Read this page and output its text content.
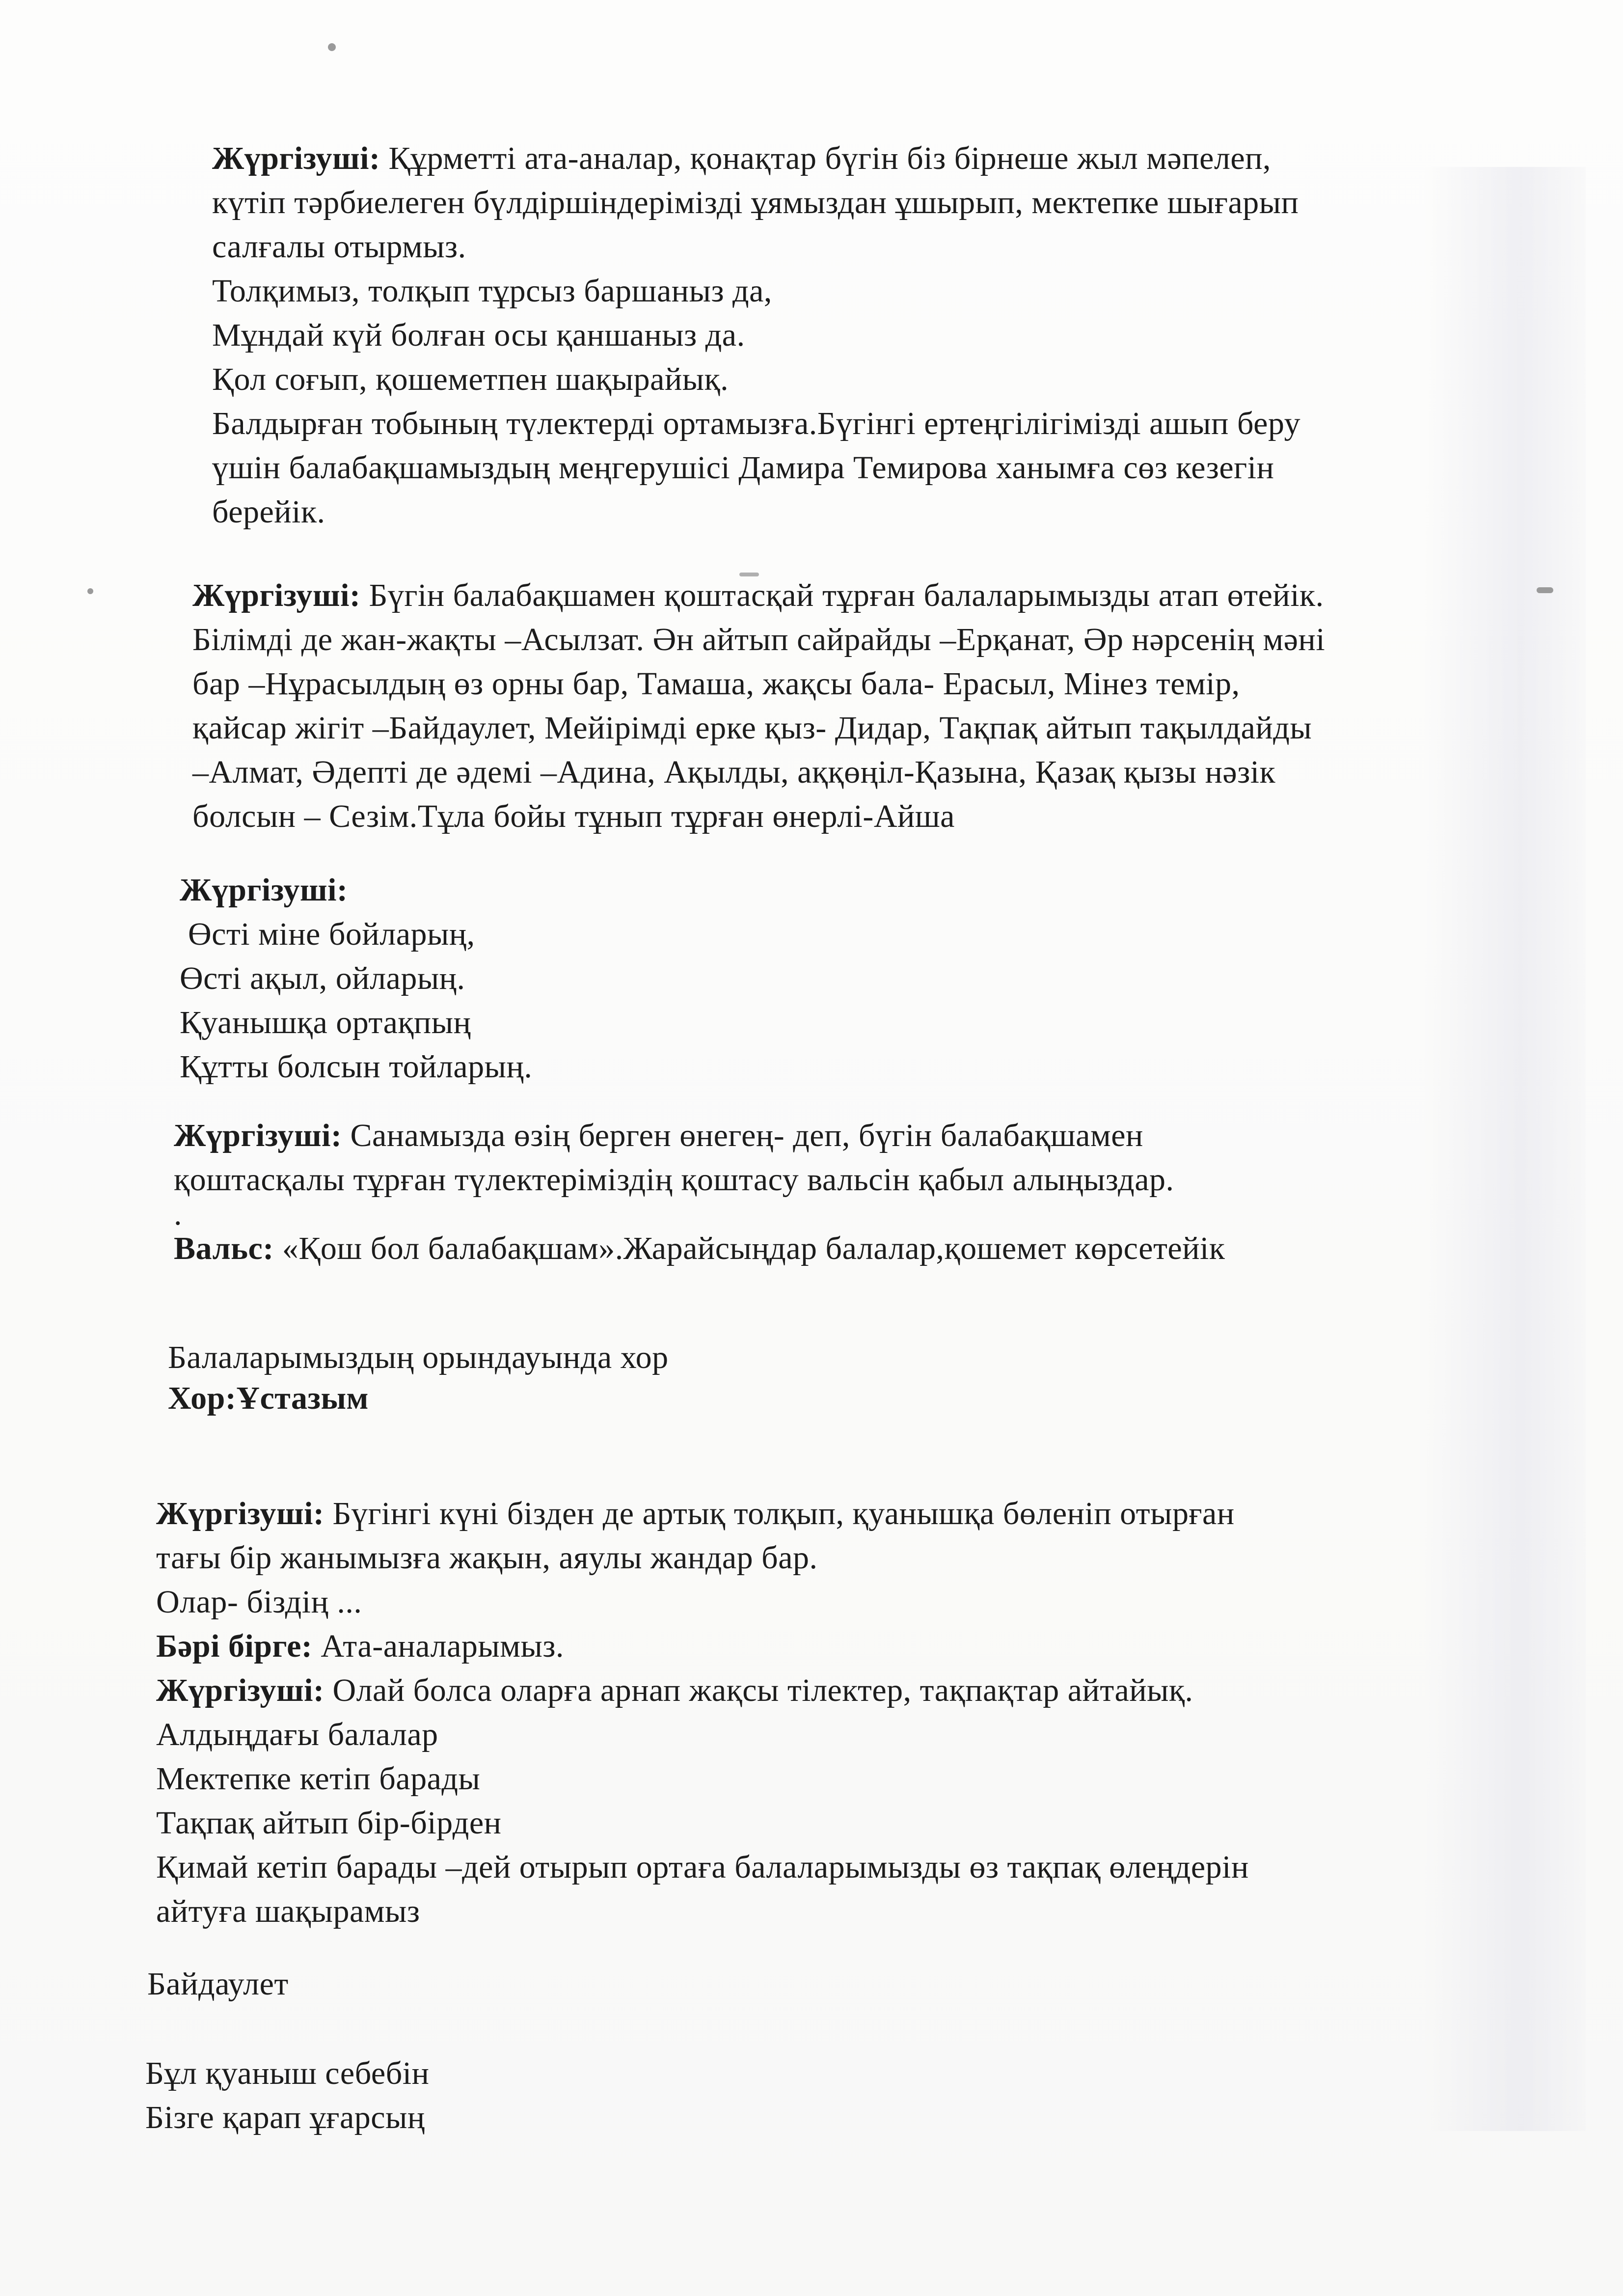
Жүргізуші: Құрметті ата-аналар, қонақтар бүгін біз бірнеше жыл мәпелеп,

күтіп тәрбиелеген бүлдіршіндерімізді ұямыздан ұшырып, мектепке шығарып

салғалы отырмыз.

Толқимыз, толқып тұрсыз баршаныз да,

Мұндай күй болған осы қаншаныз да.

Қол соғып, қошеметпен шақырайық.

Балдырған тобының түлектерді ортамызға.Бүгінгі ертеңгілігімізді ашып беру

үшін балабақшамыздың меңгерушісі Дамира Темирова ханымға сөз кезегін

берейік.

Жүргізуші: Бүгін балабақшамен қоштасқай тұрған балаларымызды атап өтейік.

Білімді де жан-жақты –Асылзат. Ән айтып сайрайды –Ерқанат, Әр нәрсенің мәні

бар –Нұрасылдың өз орны бар, Тамаша, жақсы бала- Ерасыл, Мінез темір,

қайсар жігіт –Байдаулет, Мейірімді ерке қыз- Дидар, Тақпақ айтып тақылдайды

–Алмат, Әдепті де әдемі –Адина, Ақылды, аққөңіл-Қазына, Қазақ қызы нәзік

болсын – Сезім.Тұла бойы тұнып тұрған өнерлі-Айша

Жүргізуші:

Өсті міне бойларың,

Өсті ақыл, ойларың.

Қуанышқа ортақпың

Құтты болсын тойларың.

Жүргізуші: Санамызда өзің берген өнегең- деп, бүгін балабақшамен

қоштасқалы тұрған түлектеріміздің қоштасу вальсін қабыл алыңыздар.

.

Вальс: «Қош бол балабақшам».Жарайсыңдар балалар,қошемет көрсетейік

Балаларымыздың орындауында хор

Хор:Ұстазым

Жүргізуші: Бүгінгі күні бізден де артық толқып, қуанышқа бөленіп отырған

тағы бір жанымызға жақын, аяулы жандар бар.

Олар- біздің ...

Бәрі бірге: Ата-аналарымыз.

Жүргізуші: Олай болса оларға арнап жақсы тілектер, тақпақтар айтайық.

Алдыңдағы балалар

Мектепке кетіп барады

Тақпақ айтып бір-бірден

Қимай кетіп барады –дей отырып ортаға балаларымызды өз тақпақ өлеңдерін

айтуға шақырамыз

Байдаулет

Бұл қуаныш себебін

Бізге қарап ұғарсың
